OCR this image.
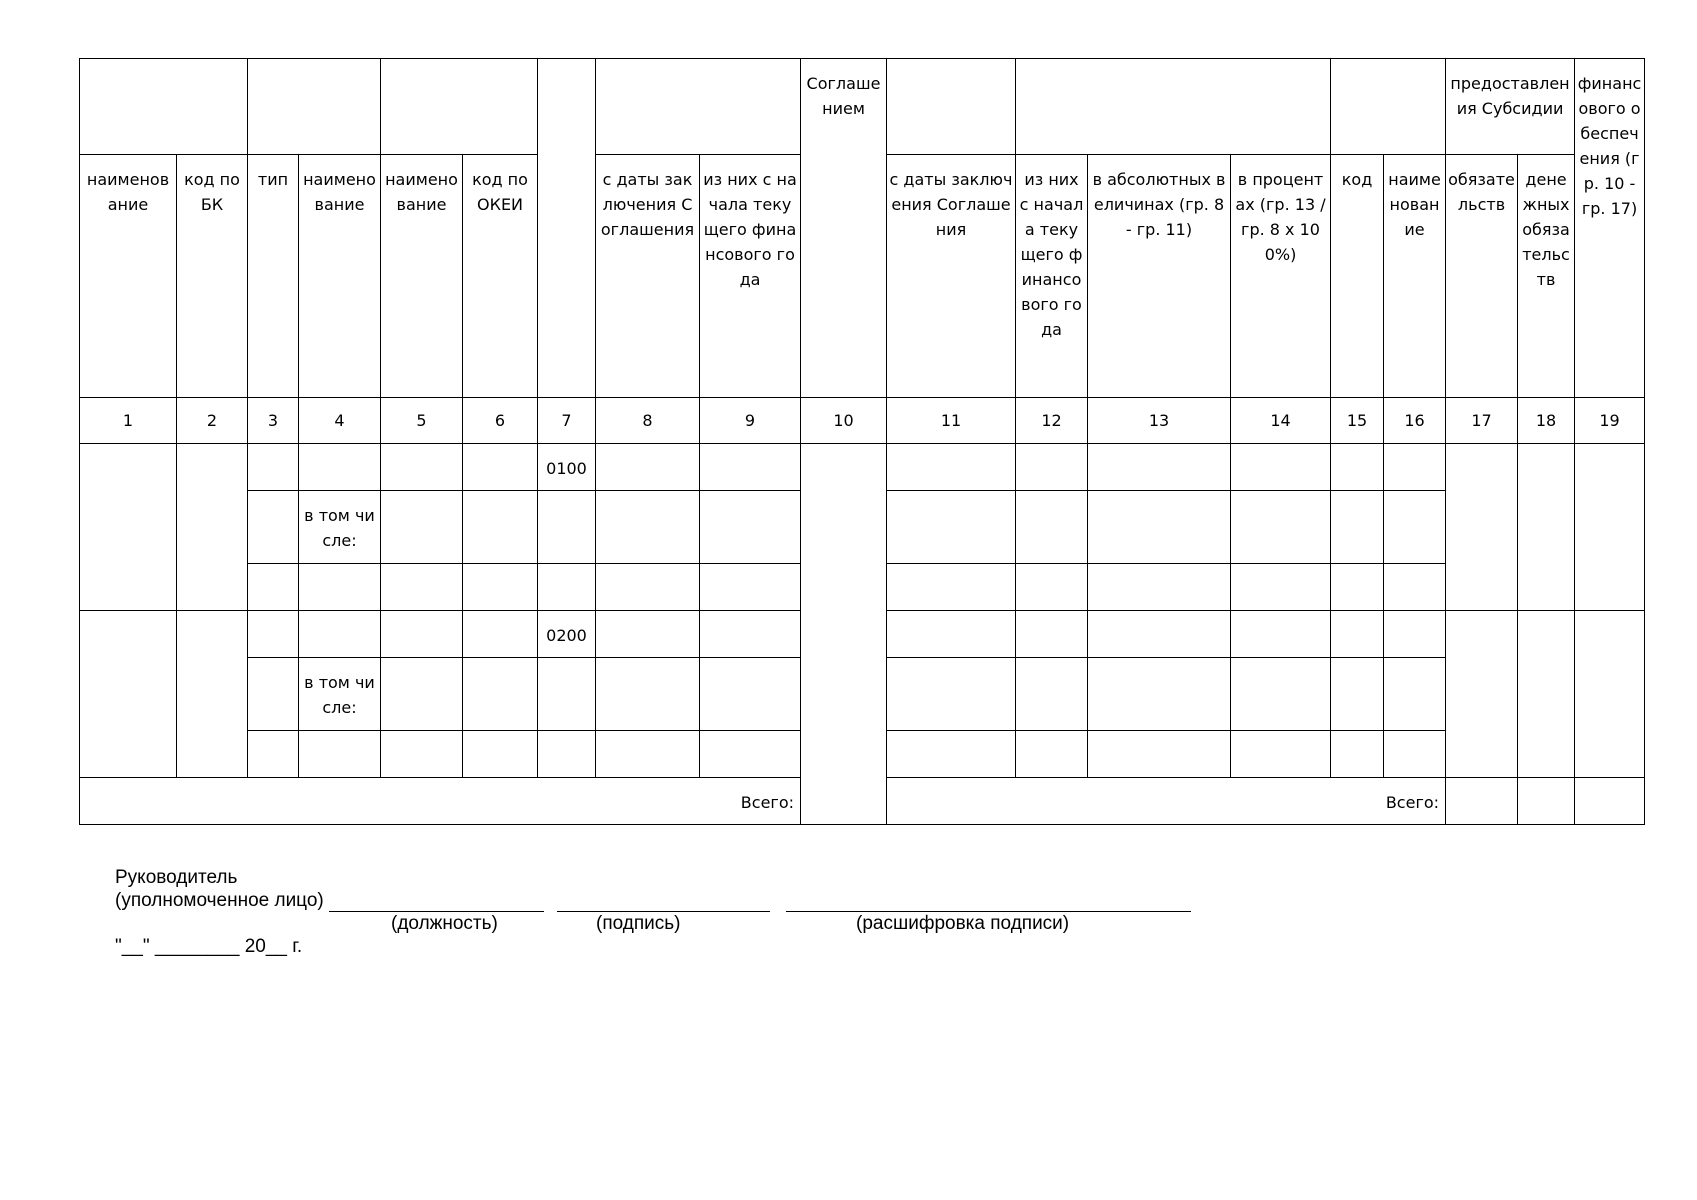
									Соглашением							предоставления Субсидии		финансового обеспечения (гр. 10 - гр. 17)
наименование	код по БК	тип	наименование	наименование	код по ОКЕИ		с даты заключения Соглашения	из них с начала текущего финансового года		с даты заключения Соглашения	из них с начала текущего финансового года	в абсолютных величинах (гр. 8 - гр. 11)	в процентах (гр. 13 / гр. 8 x 100%)	код	наименование	обязательств	денежных обязательств	
1	2	3	4	5	6	7	8	9	10	11	12	13	14	15	16	17	18	19
						0100												
			в том числе:															

						0200												
			в том числе:															

Всего:										Всего:								
Руководитель
(уполномоченное лицо)
(должность)	(подпись)	(расшифровка подписи)
"__" ________ 20__ г.
